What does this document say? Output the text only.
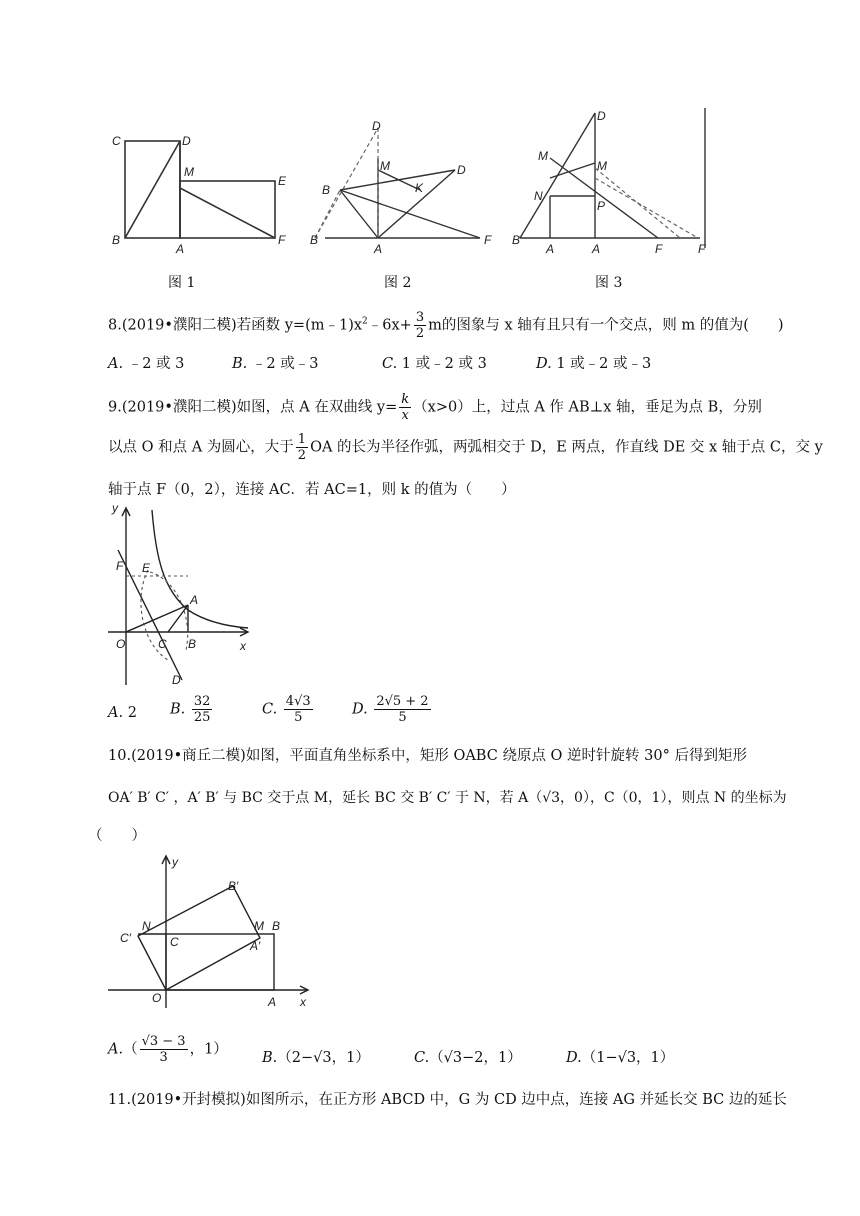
C	D
M
E
B
A
F
D
B
M	D
K
B
A
F
D
M
M
N
P
B
A	A	F	F
图 1	图 2	图 3
8.(2019•濮阳二模)若函数 $y=(m﹣1)x^2﹣6x+ \frac{3}{2}$ m的图象与 x 轴有且只有一个交点，则 m 的值为(　　)
A. ﹣2 或 3	B. ﹣2 或﹣3	C. 1 或﹣2 或 3	D. 1 或﹣2 或﹣3
9.(2019•濮阳二模)如图，点 A 在双曲线 $y= \frac{k}{x} (x>0)$上，过点 A 作 AB⊥x 轴，垂足为点 B，分别
以点 O 和点 A 为圆心，大于 $\frac{1}{2}$ OA 的长为半径作弧，两弧相交于 D，E 两点，作直线 DE 交 x 轴于点 C，交 y
轴于点 F（0，2），连接 AC．若 AC=1，则 k 的值为（　　）
y
x
F E
A
O	C B
D
A. 2 B. $\frac{32}{25}$	C. $\frac{4√3}{5}$	D. $\frac{2√5 + 2}{5}$
10.(2019•商丘二模)如图，平面直角坐标系中，矩形 OABC 绕原点 O 逆时针旋转 30° 后得到矩形
OA′ B′ C′ ，A′ B′ 与 BC 交于点 M，延长 BC 交 B′ C′ 于 N，若 A（√3，0），C（0，1），则点 N 的坐标为
（　　）
y
x
B′
N	M B
C′	C	A′
O	A
$A.( \frac{√3 - 3}{3}$ ，1）
B.（2−√3，1）	C.（√3−2，1）	D.（1−√3，1）
11.(2019•开封模拟)如图所示，在正方形 ABCD 中，G 为 CD 边中点，连接 AG 并延长交 BC 边的延长
